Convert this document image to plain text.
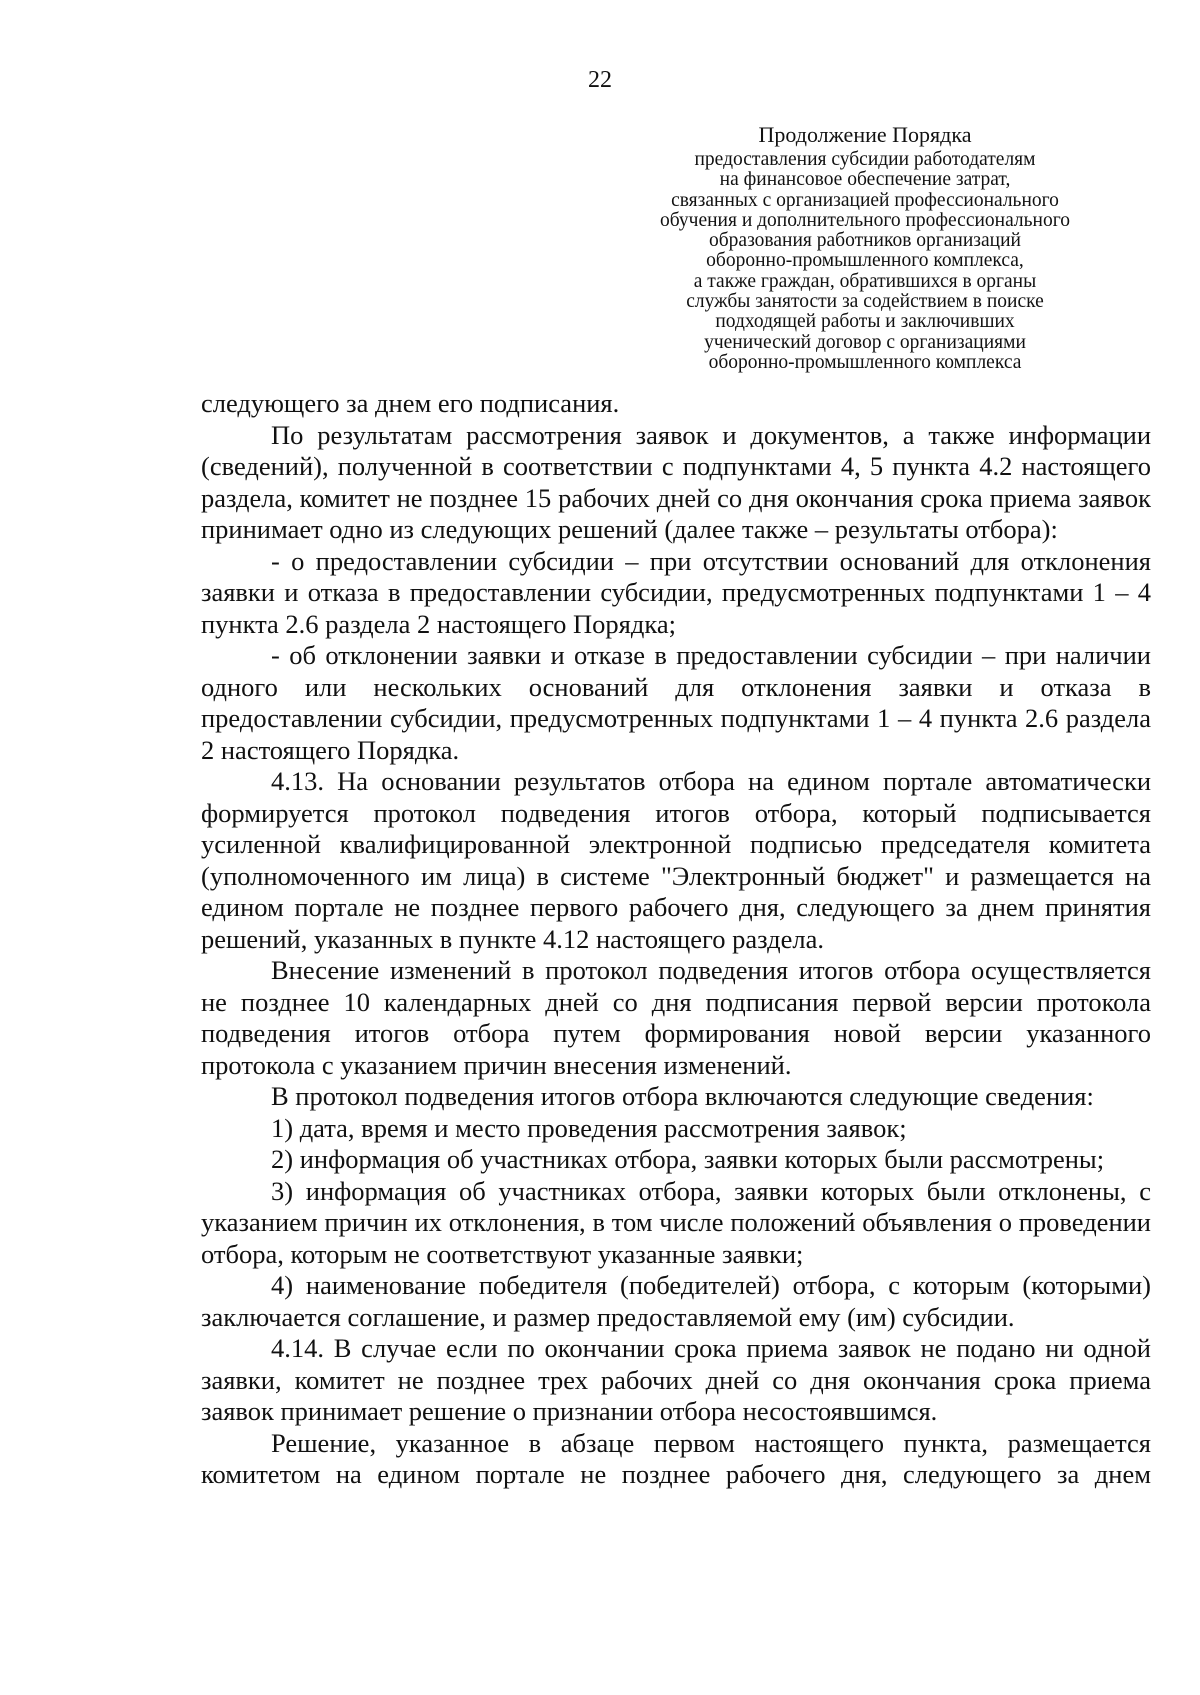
22
Продолжение Порядка
предоставления субсидии работодателям
на финансовое обеспечение затрат,
связанных с организацией профессионального
обучения и дополнительного профессионального
образования работников организаций
оборонно-промышленного комплекса,
а также граждан, обратившихся в органы
службы занятости за содействием в поиске
подходящей работы и заключивших
ученический договор с организациями
оборонно-промышленного комплекса

следующего за днем его подписания.

По результатам рассмотрения заявок и документов, а также информации (сведений), полученной в соответствии с подпунктами 4, 5 пункта 4.2 настоящего раздела, комитет не позднее 15 рабочих дней со дня окончания срока приема заявок принимает одно из следующих решений (далее также – результаты отбора):

- о предоставлении субсидии – при отсутствии оснований для отклонения заявки и отказа в предоставлении субсидии, предусмотренных подпунктами 1 – 4 пункта 2.6 раздела 2 настоящего Порядка;

- об отклонении заявки и отказе в предоставлении субсидии – при наличии одного или нескольких оснований для отклонения заявки и отказа в предоставлении субсидии, предусмотренных подпунктами 1 – 4 пункта 2.6 раздела 2 настоящего Порядка.

4.13. На основании результатов отбора на едином портале автоматически формируется протокол подведения итогов отбора, который подписывается усиленной квалифицированной электронной подписью председателя комитета (уполномоченного им лица) в системе "Электронный бюджет" и размещается на едином портале не позднее первого рабочего дня, следующего за днем принятия решений, указанных в пункте 4.12 настоящего раздела.

Внесение изменений в протокол подведения итогов отбора осуществляется не позднее 10 календарных дней со дня подписания первой версии протокола подведения итогов отбора путем формирования новой версии указанного протокола с указанием причин внесения изменений.

В протокол подведения итогов отбора включаются следующие сведения:

1) дата, время и место проведения рассмотрения заявок;

2) информация об участниках отбора, заявки которых были рассмотрены;

3) информация об участниках отбора, заявки которых были отклонены, с указанием причин их отклонения, в том числе положений объявления о проведении отбора, которым не соответствуют указанные заявки;

4) наименование победителя (победителей) отбора, с которым (которыми) заключается соглашение, и размер предоставляемой ему (им) субсидии.

4.14. В случае если по окончании срока приема заявок не подано ни одной заявки, комитет не позднее трех рабочих дней со дня окончания срока приема заявок принимает решение о признании отбора несостоявшимся.

Решение, указанное в абзаце первом настоящего пункта, размещается комитетом на едином портале не позднее рабочего дня, следующего за днем
